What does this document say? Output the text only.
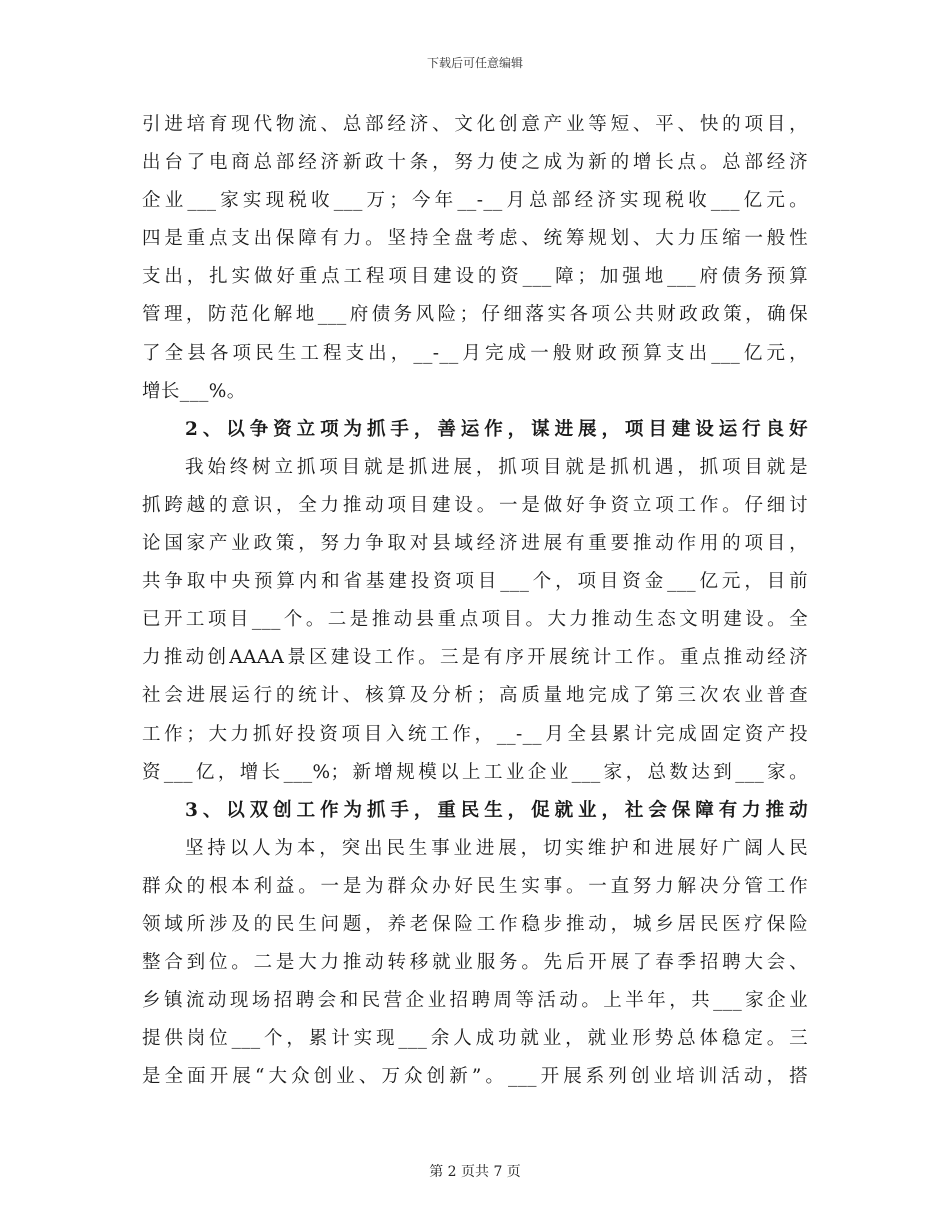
下载后可任意编辑
引进培育现代物流、总部经济、文化创意产业等短、平、快的项目，
出台了电商总部经济新政十条，努力使之成为新的增长点。总部经济
企业___家实现税收___万；今年__-__月总部经济实现税收___亿元。
四是重点支出保障有力。坚持全盘考虑、统筹规划、大力压缩一般性
支出，扎实做好重点工程项目建设的资___障；加强地___府债务预算
管理，防范化解地___府债务风险；仔细落实各项公共财政政策，确保
了全县各项民生工程支出，__-__月完成一般财政预算支出___亿元，
增长___%。
2、以争资立项为抓手，善运作，谋进展，项目建设运行良好
我始终树立抓项目就是抓进展，抓项目就是抓机遇，抓项目就是
抓跨越的意识，全力推动项目建设。一是做好争资立项工作。仔细讨
论国家产业政策，努力争取对县域经济进展有重要推动作用的项目，
共争取中央预算内和省基建投资项目___个，项目资金___亿元，目前
已开工项目___个。二是推动县重点项目。大力推动生态文明建设。全
力推动创AAAA景区建设工作。三是有序开展统计工作。重点推动经济
社会进展运行的统计、核算及分析；高质量地完成了第三次农业普查
工作；大力抓好投资项目入统工作，__-__月全县累计完成固定资产投
资___亿，增长___%；新增规模以上工业企业___家，总数达到___家。
3、以双创工作为抓手，重民生，促就业，社会保障有力推动
坚持以人为本，突出民生事业进展，切实维护和进展好广阔人民
群众的根本利益。一是为群众办好民生实事。一直努力解决分管工作
领域所涉及的民生问题，养老保险工作稳步推动，城乡居民医疗保险
整合到位。二是大力推动转移就业服务。先后开展了春季招聘大会、
乡镇流动现场招聘会和民营企业招聘周等活动。上半年，共___家企业
提供岗位___个，累计实现___余人成功就业，就业形势总体稳定。三
是全面开展“大众创业、万众创新”。___开展系列创业培训活动，搭
第 2 页共 7 页
